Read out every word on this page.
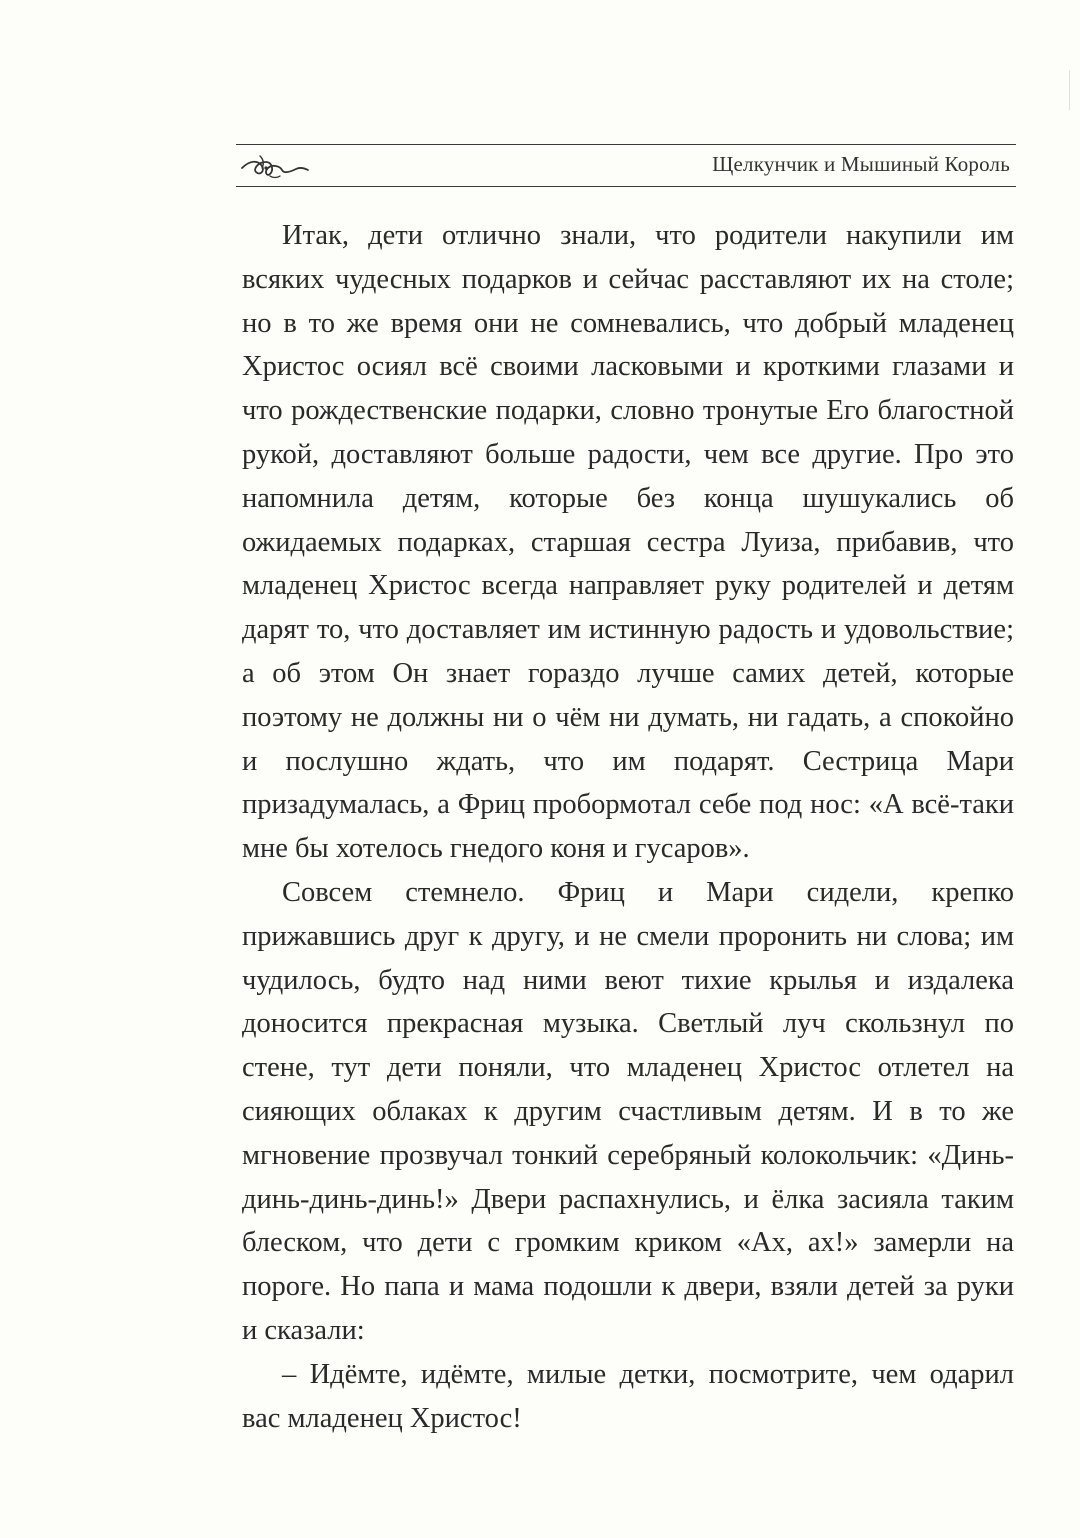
Щелкунчик и Мышиный Король

Итак, дети отлично знали, что родители накупили им всяких чудесных подарков и сейчас расставляют их на столе; но в то же время они не сомневались, что добрый младенец Христос осиял всё своими ласковыми и кроткими глазами и что рождественские подарки, словно тронутые Его благостной рукой, доставляют больше радости, чем все другие. Про это напомнила детям, которые без конца шушукались об ожидаемых подарках, старшая сестра Луиза, прибавив, что младенец Христос всегда направляет руку родителей и детям дарят то, что доставляет им истинную радость и удовольствие; а об этом Он знает гораздо лучше самих детей, которые поэтому не должны ни о чём ни думать, ни гадать, а спокойно и послушно ждать, что им подарят. Сестрица Мари призадумалась, а Фриц пробормотал себе под нос: «А всё-таки мне бы хотелось гнедого коня и гусаров».

Совсем стемнело. Фриц и Мари сидели, крепко прижавшись друг к другу, и не смели проронить ни слова; им чудилось, будто над ними веют тихие крылья и издалека доносится прекрасная музыка. Светлый луч скользнул по стене, тут дети поняли, что младенец Христос отлетел на сияющих облаках к другим счастливым детям. И в то же мгновение прозвучал тонкий серебряный колокольчик: «Динь-динь-динь-динь!» Двери распахнулись, и ёлка засияла таким блеском, что дети с громким криком «Ах, ах!» замерли на пороге. Но папа и мама подошли к двери, взяли детей за руки и сказали:

– Идёмте, идёмте, милые детки, посмотрите, чем одарил вас младенец Христос!
